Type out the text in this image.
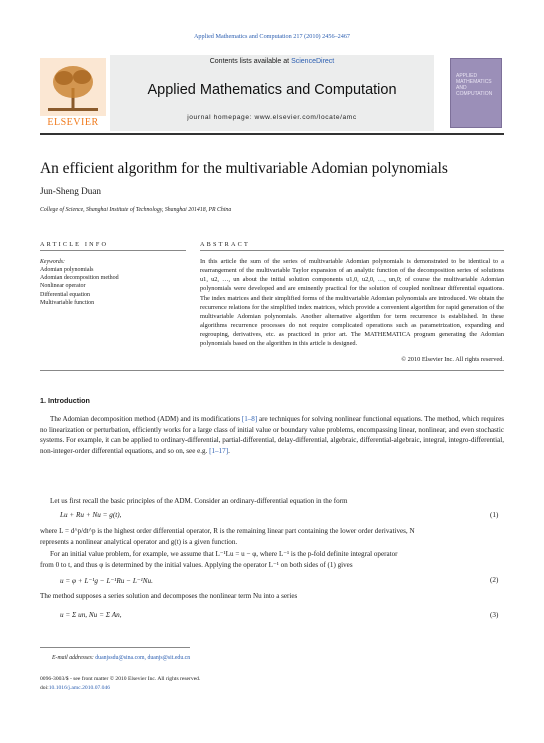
Applied Mathematics and Computation 217 (2010) 2456–2467
Contents lists available at ScienceDirect
Applied Mathematics and Computation
journal homepage: www.elsevier.com/locate/amc
ELSEVIER
APPLIED MATHEMATICS AND COMPUTATION
An efficient algorithm for the multivariable Adomian polynomials
Jun-Sheng Duan
College of Science, Shanghai Institute of Technology, Shanghai 201418, PR China
ARTICLE INFO
Keywords:
Adomian polynomials
Adomian decomposition method
Nonlinear operator
Differential equation
Multivariable function
ABSTRACT
In this article the sum of the series of multivariable Adomian polynomials is demonstrated to be identical to a rearrangement of the multivariable Taylor expansion of an analytic function of the decomposition series of solutions u1, u2, …, un about the initial solution components u1,0, u2,0, …, un,0; of course the multivariable Adomian polynomials were developed and are eminently practical for the solution of coupled nonlinear differential equations. The index matrices and their simplified forms of the multivariable Adomian polynomials are introduced. We obtain the recurrence relations for the simplified index matrices, which provide a convenient algorithm for rapid generation of the multivariable Adomian polynomials. Another alternative algorithm for term recurrence is established. In these algorithms recurrence processes do not require complicated operations such as parametrization, expanding and regrouping, derivatives, etc. as practiced in prior art. The MATHEMATICA program generating the Adomian polynomials based on the algorithm in this article is designed.
© 2010 Elsevier Inc. All rights reserved.
1. Introduction
The Adomian decomposition method (ADM) and its modifications [1–8] are techniques for solving nonlinear functional equations. The method, which requires no linearization or perturbation, efficiently works for a large class of initial value or boundary value problems, encompassing linear, nonlinear, and even stochastic systems. For example, it can be applied to ordinary-differential, partial-differential, delay-differential, algebraic, differential-algebraic, integral, integro-differential, non-integer-order differential equations, and so on, see e.g. [1–17].
Let us first recall the basic principles of the ADM. Consider an ordinary-differential equation in the form
Lu + Ru + Nu = g(t),	(1)
where L = d^p/dt^p is the highest order differential operator, R is the remaining linear part containing the lower order derivatives, N
represents a nonlinear analytical operator and g(t) is a given function.
For an initial value problem, for example, we assume that L⁻¹Lu = u − φ, where L⁻¹ is the p-fold definite integral operator
from 0 to t, and thus φ is determined by the initial values. Applying the operator L⁻¹ on both sides of (1) gives
u = φ + L⁻¹g − L⁻¹Ru − L⁻¹Nu.	(2)
The method supposes a series solution and decomposes the nonlinear term Nu into a series
u = Σ un, Nu = Σ An,	(3)
E-mail addresses: duanjssdu@sina.com, duanjs@sit.edu.cn
0096-3003/$ - see front matter © 2010 Elsevier Inc. All rights reserved.
doi:10.1016/j.amc.2010.07.046
